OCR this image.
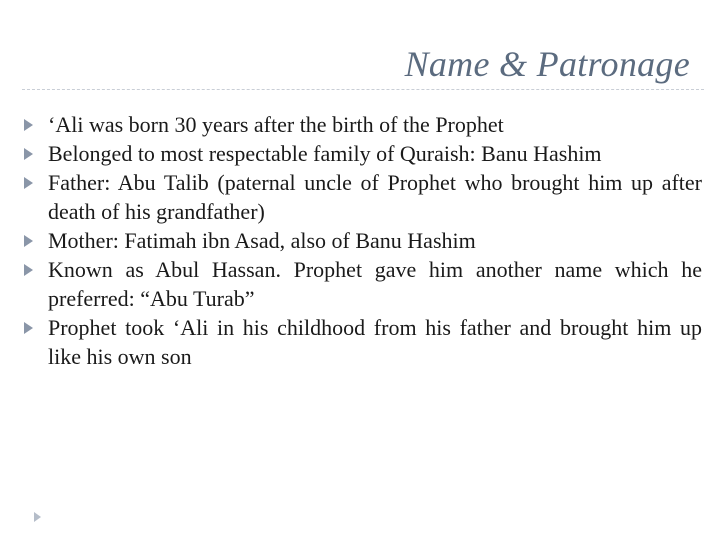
Name & Patronage
‘Ali was born 30 years after the birth of the Prophet
Belonged to most respectable family of Quraish: Banu Hashim
Father: Abu Talib (paternal uncle of Prophet who brought him up after death of his grandfather)
Mother: Fatimah ibn Asad, also of Banu Hashim
Known as Abul Hassan. Prophet gave him another name which he preferred: “Abu Turab”
Prophet took ‘Ali in his childhood from his father and brought him up like his own son
